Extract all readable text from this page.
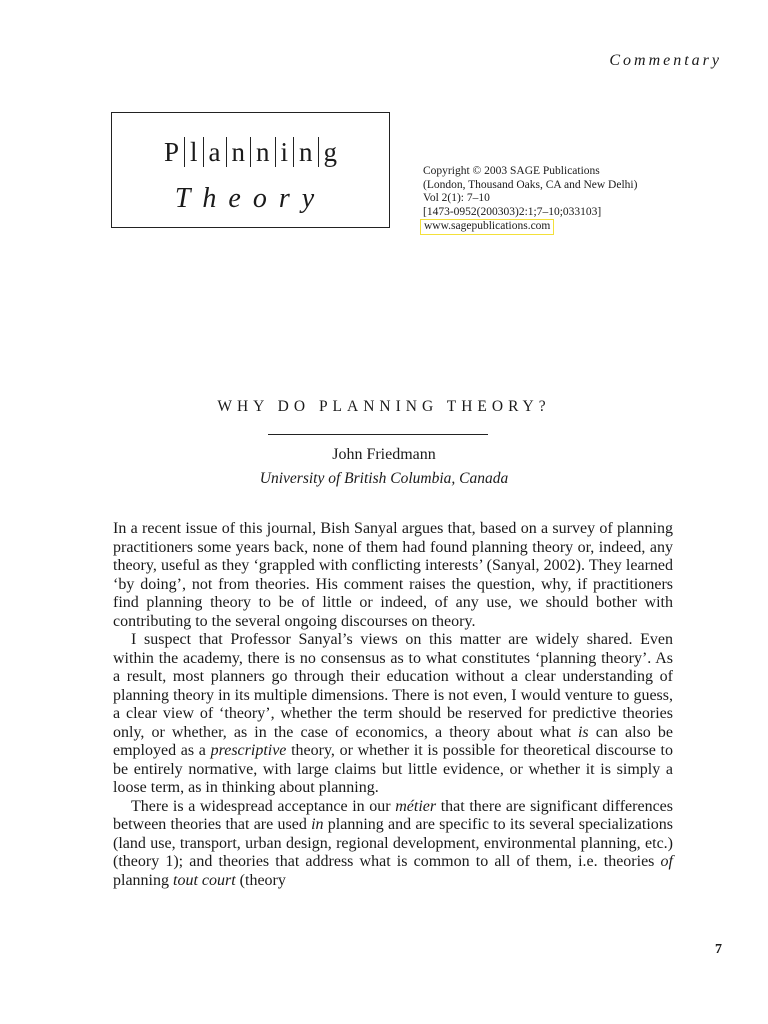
Commentary
P l a n n i n g
Theory
Copyright © 2003 SAGE Publications
(London, Thousand Oaks, CA and New Delhi)
Vol 2(1): 7–10
[1473-0952(200303)2:1;7–10;033103]
www.sagepublications.com
WHY DO PLANNING THEORY?
John Friedmann
University of British Columbia, Canada

In a recent issue of this journal, Bish Sanyal argues that, based on a survey of planning practitioners some years back, none of them had found planning theory or, indeed, any theory, useful as they ‘grappled with conflicting interests’ (Sanyal, 2002). They learned ‘by doing’, not from theories. His comment raises the question, why, if practitioners find planning theory to be of little or indeed, of any use, we should bother with contributing to the several ongoing discourses on theory.

I suspect that Professor Sanyal’s views on this matter are widely shared. Even within the academy, there is no consensus as to what constitutes ‘planning theory’. As a result, most planners go through their education without a clear understanding of planning theory in its multiple dimensions. There is not even, I would venture to guess, a clear view of ‘theory’, whether the term should be reserved for predictive theories only, or whether, as in the case of economics, a theory about what is can also be employed as a prescriptive theory, or whether it is possible for theoretical discourse to be entirely normative, with large claims but little evidence, or whether it is simply a loose term, as in thinking about planning.

There is a widespread acceptance in our métier that there are significant differences between theories that are used in planning and are specific to its several specializations (land use, transport, urban design, regional development, environmental planning, etc.) (theory 1); and theories that address what is common to all of them, i.e. theories of planning tout court (theory

7
